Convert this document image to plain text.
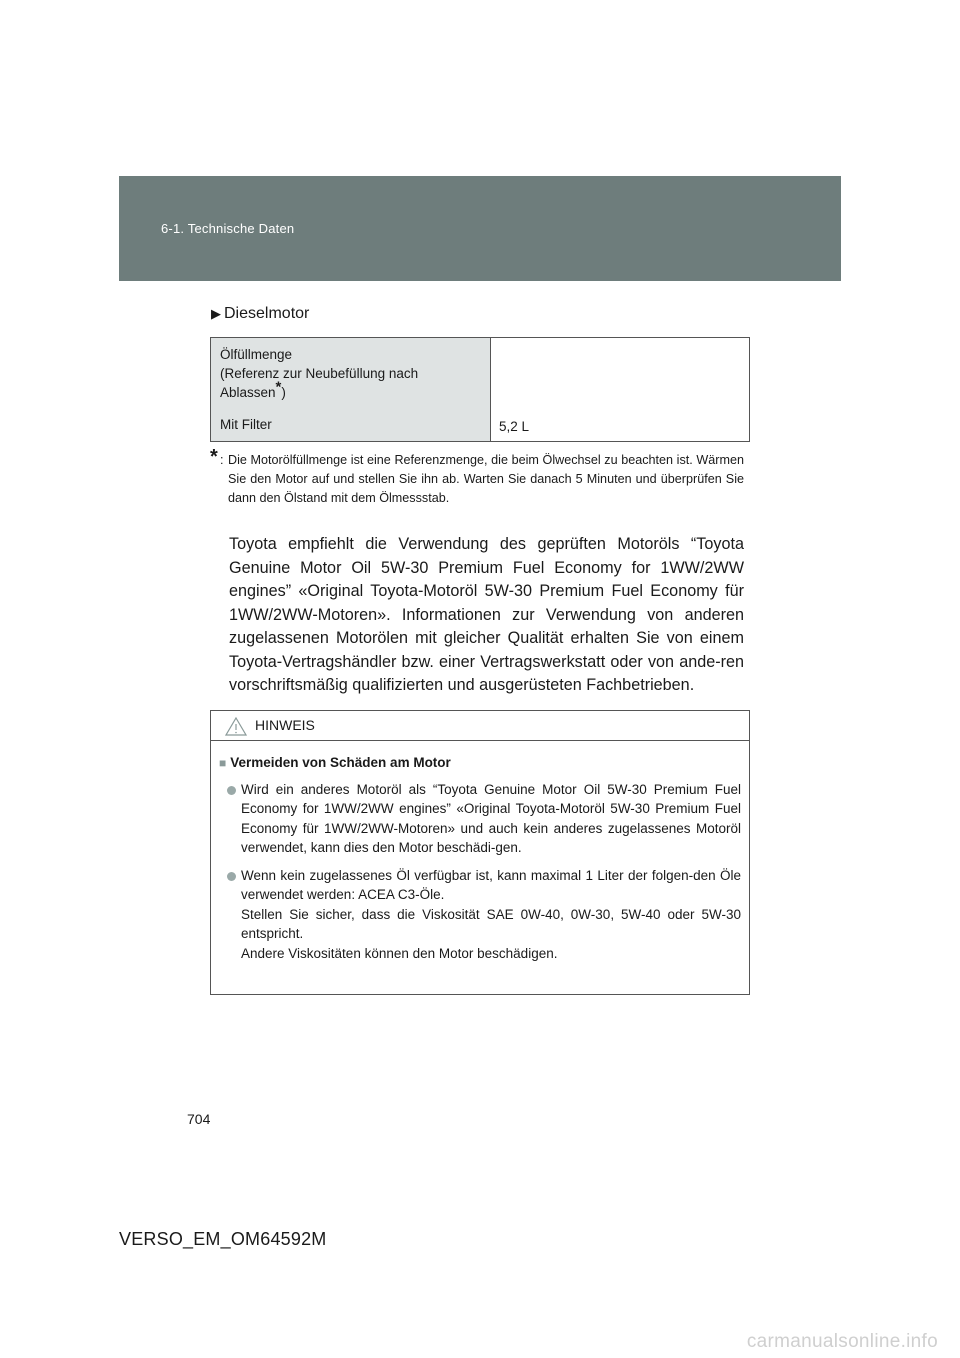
6-1. Technische Daten
▶ Dieselmotor
Ölfüllmenge
(Referenz zur Neubefüllung nach
Ablassen*)
Mit Filter	5,2 L
* : Die Motorölfüllmenge ist eine Referenzmenge, die beim Ölwechsel zu beachten ist. Wärmen Sie den Motor auf und stellen Sie ihn ab. Warten Sie danach 5 Minuten und überprüfen Sie dann den Ölstand mit dem Ölmessstab.
Toyota empfiehlt die Verwendung des geprüften Motoröls “Toyota Genuine Motor Oil 5W-30 Premium Fuel Economy for 1WW/2WW engines” «Original Toyota-Motoröl 5W-30 Premium Fuel Economy für 1WW/2WW-Motoren». Informationen zur Verwendung von anderen zugelassenen Motorölen mit gleicher Qualität erhalten Sie von einem Toyota-Vertragshändler bzw. einer Vertragswerkstatt oder von ande-ren vorschriftsmäßig qualifizierten und ausgerüsteten Fachbetrieben.
HINWEIS
■ Vermeiden von Schäden am Motor

Wird ein anderes Motoröl als “Toyota Genuine Motor Oil 5W-30 Premium Fuel Economy for 1WW/2WW engines” «Original Toyota-Motoröl 5W-30 Premium Fuel Economy für 1WW/2WW-Motoren» und auch kein anderes zugelassenes Motoröl verwendet, kann dies den Motor beschädi-gen.

Wenn kein zugelassenes Öl verfügbar ist, kann maximal 1 Liter der folgen-den Öle verwendet werden: ACEA C3-Öle.

Stellen Sie sicher, dass die Viskosität SAE 0W-40, 0W-30, 5W-40 oder 5W-30 entspricht.

Andere Viskositäten können den Motor beschädigen.

704
VERSO_EM_OM64592M
carmanualsonline.info
